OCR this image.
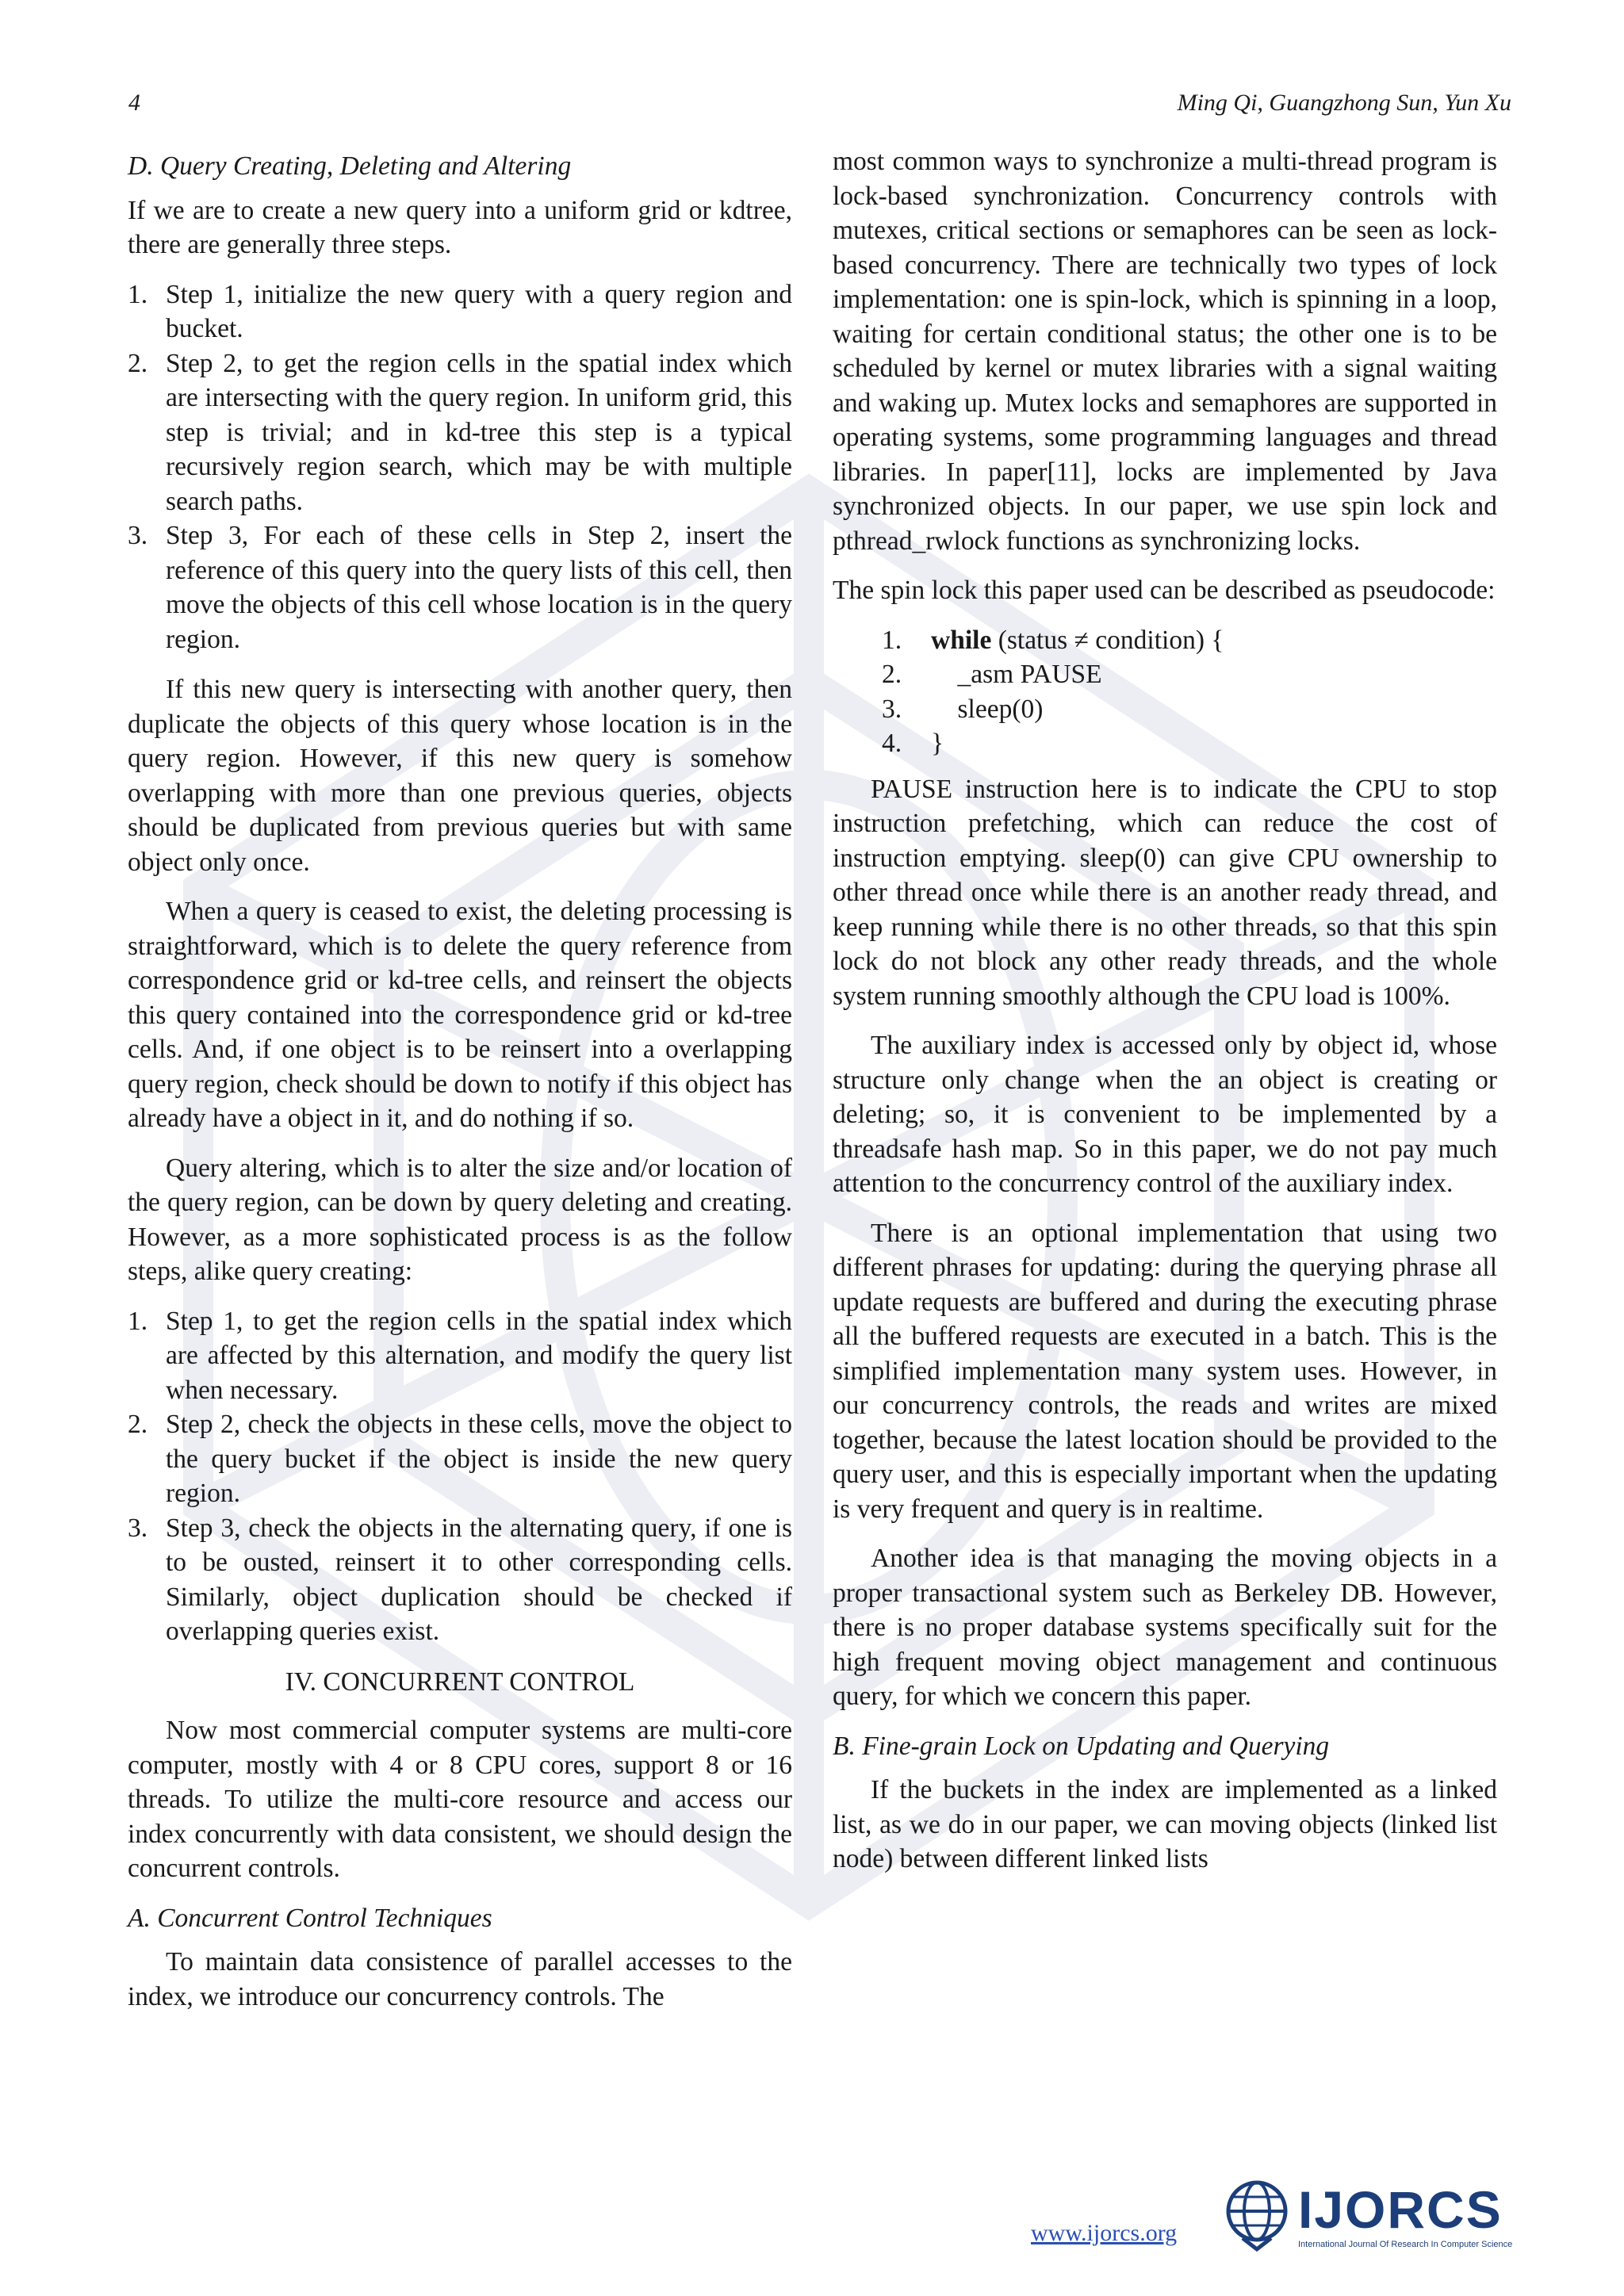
4	Ming Qi, Guangzhong Sun, Yun Xu

D. Query Creating, Deleting and Altering

If we are to create a new query into a uniform grid or kdtree, there are generally three steps.

1. Step 1, initialize the new query with a query region and bucket.
2. Step 2, to get the region cells in the spatial index which are intersecting with the query region. In uniform grid, this step is trivial; and in kd-tree this step is a typical recursively region search, which may be with multiple search paths.
3. Step 3, For each of these cells in Step 2, insert the reference of this query into the query lists of this cell, then move the objects of this cell whose location is in the query region.

If this new query is intersecting with another query, then duplicate the objects of this query whose location is in the query region. However, if this new query is somehow overlapping with more than one previous queries, objects should be duplicated from previous queries but with same object only once.

When a query is ceased to exist, the deleting processing is straightforward, which is to delete the query reference from correspondence grid or kd-tree cells, and reinsert the objects this query contained into the correspondence grid or kd-tree cells. And, if one object is to be reinsert into a overlapping query region, check should be down to notify if this object has already have a object in it, and do nothing if so.

Query altering, which is to alter the size and/or location of the query region, can be down by query deleting and creating. However, as a more sophisticated process is as the follow steps, alike query creating:

1. Step 1, to get the region cells in the spatial index which are affected by this alternation, and modify the query list when necessary.
2. Step 2, check the objects in these cells, move the object to the query bucket if the object is inside the new query region.
3. Step 3, check the objects in the alternating query, if one is to be ousted, reinsert it to other corresponding cells. Similarly, object duplication should be checked if overlapping queries exist.

IV. CONCURRENT CONTROL

Now most commercial computer systems are multi-core computer, mostly with 4 or 8 CPU cores, support 8 or 16 threads. To utilize the multi-core resource and access our index concurrently with data consistent, we should design the concurrent controls.

A. Concurrent Control Techniques

To maintain data consistence of parallel accesses to the index, we introduce our concurrency controls. The

most common ways to synchronize a multi-thread program is lock-based synchronization. Concurrency controls with mutexes, critical sections or semaphores can be seen as lock-based concurrency. There are technically two types of lock implementation: one is spin-lock, which is spinning in a loop, waiting for certain conditional status; the other one is to be scheduled by kernel or mutex libraries with a signal waiting and waking up. Mutex locks and semaphores are supported in operating systems, some programming languages and thread libraries. In paper[11], locks are implemented by Java synchronized objects. In our paper, we use spin lock and pthread_rwlock functions as synchronizing locks.

The spin lock this paper used can be described as pseudocode:

1. while (status ≠ condition) {
2. _asm PAUSE
3. sleep(0)
4. }

PAUSE instruction here is to indicate the CPU to stop instruction prefetching, which can reduce the cost of instruction emptying. sleep(0) can give CPU ownership to other thread once while there is an another ready thread, and keep running while there is no other threads, so that this spin lock do not block any other ready threads, and the whole system running smoothly although the CPU load is 100%.

The auxiliary index is accessed only by object id, whose structure only change when the an object is creating or deleting; so, it is convenient to be implemented by a threadsafe hash map. So in this paper, we do not pay much attention to the concurrency control of the auxiliary index.

There is an optional implementation that using two different phrases for updating: during the querying phrase all update requests are buffered and during the executing phrase all the buffered requests are executed in a batch. This is the simplified implementation many system uses. However, in our concurrency controls, the reads and writes are mixed together, because the latest location should be provided to the query user, and this is especially important when the updating is very frequent and query is in realtime.

Another idea is that managing the moving objects in a proper transactional system such as Berkeley DB. However, there is no proper database systems specifically suit for the high frequent moving object management and continuous query, for which we concern this paper.

B. Fine-grain Lock on Updating and Querying

If the buckets in the index are implemented as a linked list, as we do in our paper, we can moving objects (linked list node) between different linked lists

www.ijorcs.org IJORCS
International Journal Of Research In Computer Science
